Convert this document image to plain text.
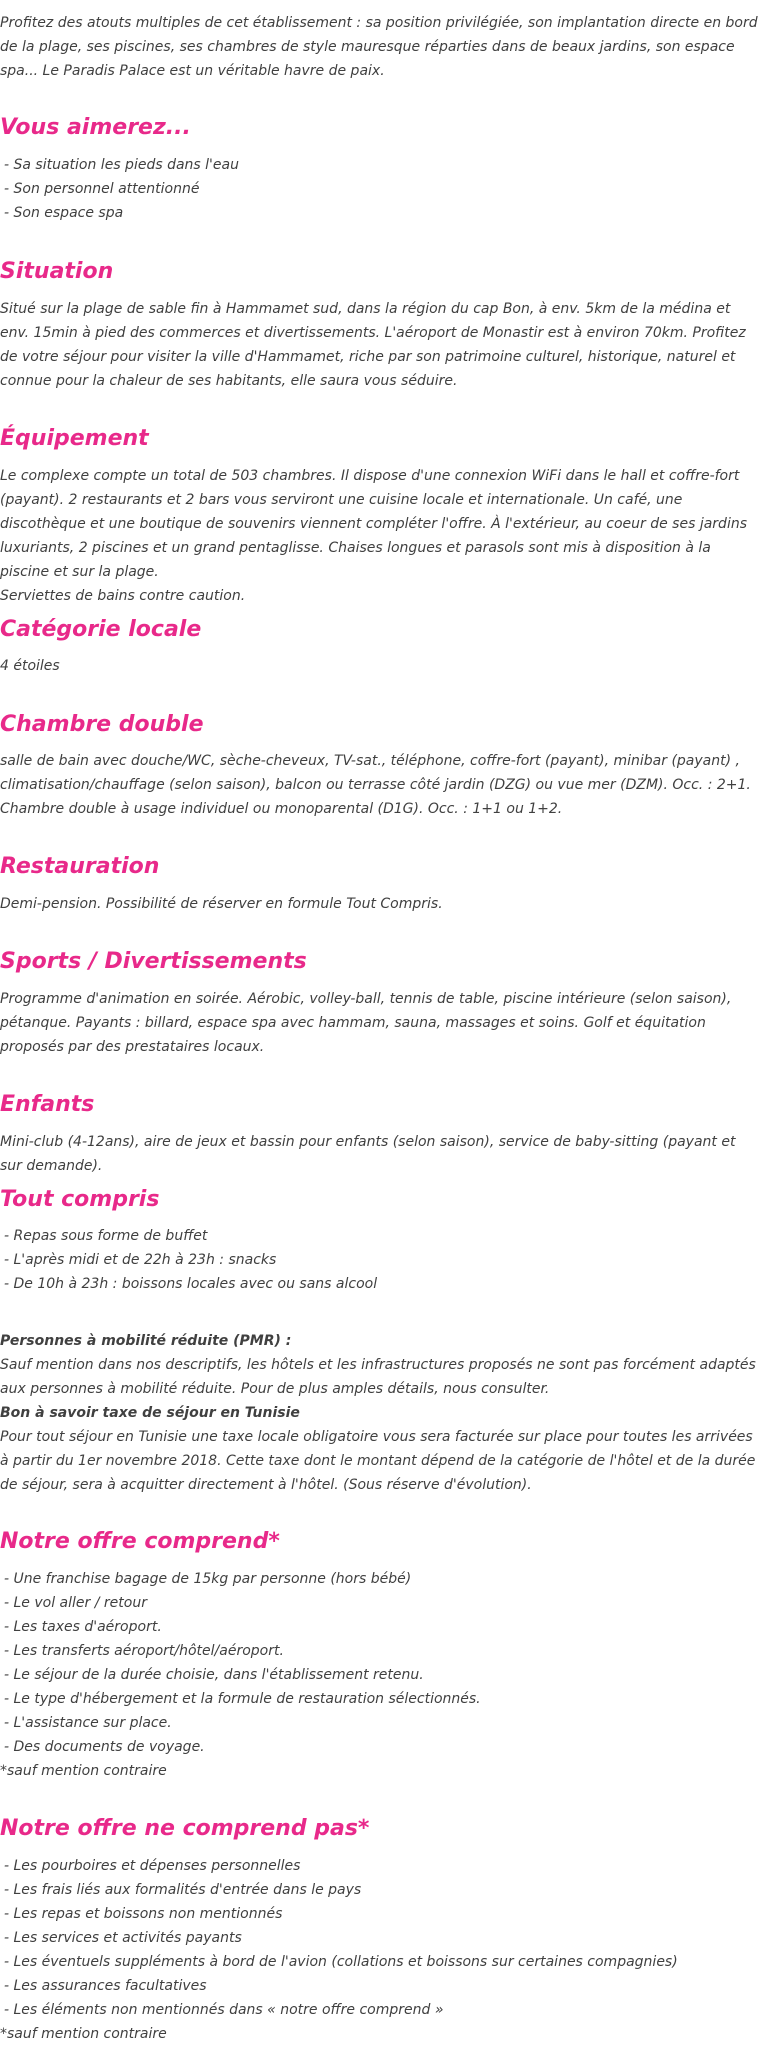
Profitez des atouts multiples de cet établissement : sa position privilégiée, son implantation directe en bord de la plage, ses piscines, ses chambres de style mauresque réparties dans de beaux jardins, son espace spa... Le Paradis Palace est un véritable havre de paix.

Vous aimerez...

- Sa situation les pieds dans l'eau

- Son personnel attentionné

- Son espace spa

Situation

Situé sur la plage de sable fin à Hammamet sud, dans la région du cap Bon, à env. 5km de la médina et env. 15min à pied des commerces et divertissements. L'aéroport de Monastir est à environ 70km. Profitez de votre séjour pour visiter la ville d'Hammamet, riche par son patrimoine culturel, historique, naturel et connue pour la chaleur de ses habitants, elle saura vous séduire.

Équipement

Le complexe compte un total de 503 chambres. Il dispose d'une connexion WiFi dans le hall et coffre-fort (payant). 2 restaurants et 2 bars vous serviront une cuisine locale et internationale. Un café, une discothèque et une boutique de souvenirs viennent compléter l'offre. À l'extérieur, au coeur de ses jardins luxuriants, 2 piscines et un grand pentaglisse. Chaises longues et parasols sont mis à disposition à la piscine et sur la plage.

Serviettes de bains contre caution.

Catégorie locale

4 étoiles

Chambre double

salle de bain avec douche/WC, sèche-cheveux, TV-sat., téléphone, coffre-fort (payant), minibar (payant) , climatisation/chauffage (selon saison), balcon ou terrasse côté jardin (DZG) ou vue mer (DZM). Occ. : 2+1.

Chambre double à usage individuel ou monoparental (D1G). Occ. : 1+1 ou 1+2.

Restauration

Demi-pension. Possibilité de réserver en formule Tout Compris.

Sports / Divertissements

Programme d'animation en soirée. Aérobic, volley-ball, tennis de table, piscine intérieure (selon saison), pétanque. Payants : billard, espace spa avec hammam, sauna, massages et soins. Golf et équitation proposés par des prestataires locaux.

Enfants

Mini-club (4-12ans), aire de jeux et bassin pour enfants (selon saison), service de baby-sitting (payant et sur demande).

Tout compris

- Repas sous forme de buffet

- L'après midi et de 22h à 23h : snacks

- De 10h à 23h : boissons locales avec ou sans alcool

Personnes à mobilité réduite (PMR) :

Sauf mention dans nos descriptifs, les hôtels et les infrastructures proposés ne sont pas forcément adaptés aux personnes à mobilité réduite. Pour de plus amples détails, nous consulter.

Bon à savoir taxe de séjour en Tunisie

Pour tout séjour en Tunisie une taxe locale obligatoire vous sera facturée sur place pour toutes les arrivées à partir du 1er novembre 2018. Cette taxe dont le montant dépend de la catégorie de l'hôtel et de la durée de séjour, sera à acquitter directement à l'hôtel. (Sous réserve d'évolution).

Notre offre comprend*

- Une franchise bagage de 15kg par personne (hors bébé)

- Le vol aller / retour

- Les taxes d'aéroport.

- Les transferts aéroport/hôtel/aéroport.

- Le séjour de la durée choisie, dans l'établissement retenu.

- Le type d'hébergement et la formule de restauration sélectionnés.

- L'assistance sur place.

- Des documents de voyage.

*sauf mention contraire

Notre offre ne comprend pas*

- Les pourboires et dépenses personnelles

- Les frais liés aux formalités d'entrée dans le pays

- Les repas et boissons non mentionnés

- Les services et activités payants

- Les éventuels suppléments à bord de l'avion (collations et boissons sur certaines compagnies)

- Les assurances facultatives

- Les éléments non mentionnés dans « notre offre comprend »

*sauf mention contraire
